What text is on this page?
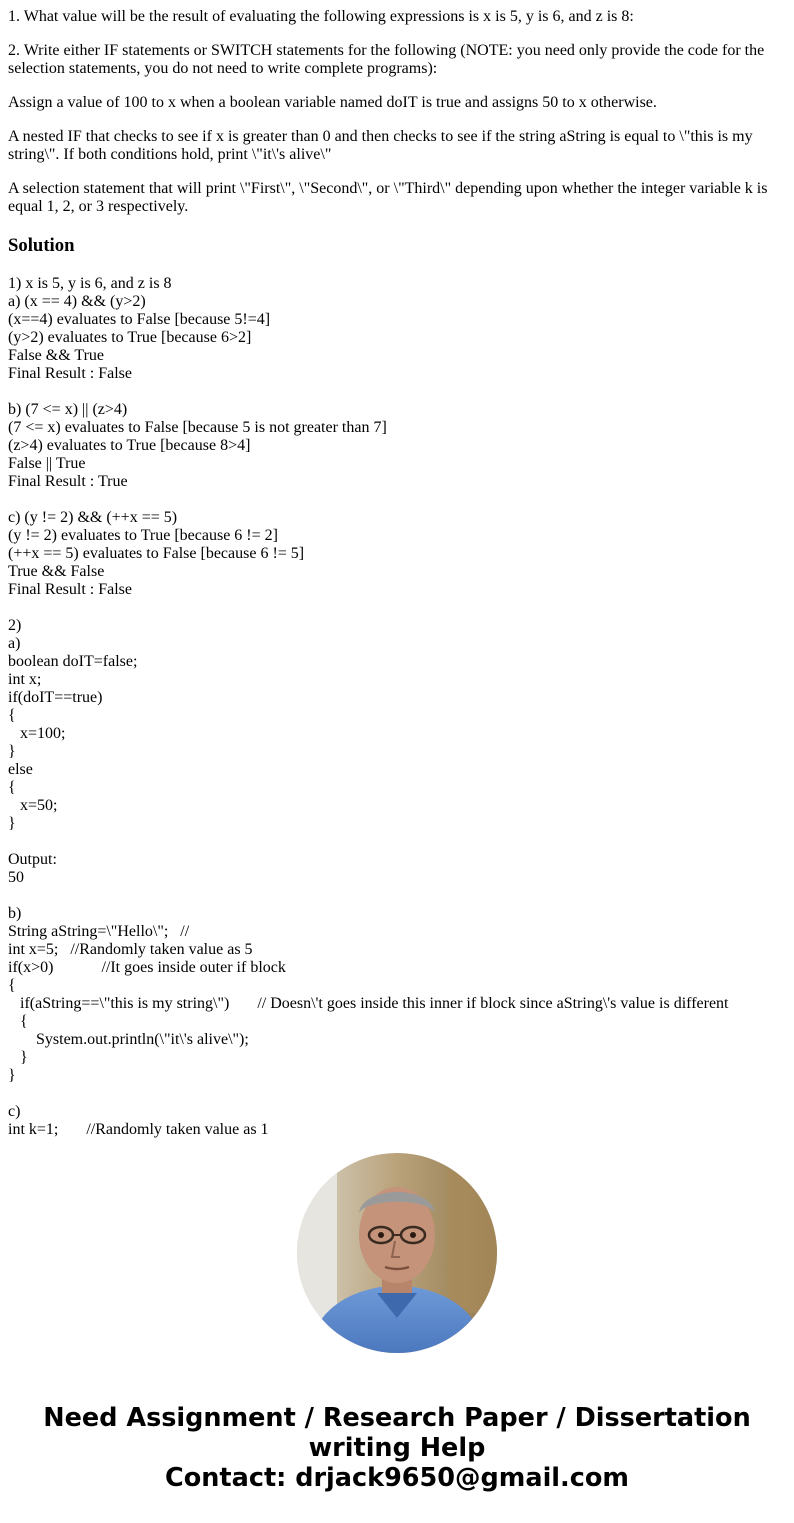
1. What value will be the result of evaluating the following expressions is x is 5, y is 6, and z is 8:

2. Write either IF statements or SWITCH statements for the following (NOTE: you need only provide the code for the selection statements, you do not need to write complete programs):

Assign a value of 100 to x when a boolean variable named doIT is true and assigns 50 to x otherwise.

A nested IF that checks to see if x is greater than 0 and then checks to see if the string aString is equal to \"this is my string\". If both conditions hold, print \"it\'s alive\"

A selection statement that will print \"First\", \"Second\", or \"Third\" depending upon whether the integer variable k is equal 1, 2, or 3 respectively.

Solution
1) x is 5, y is 6, and z is 8
a) (x == 4) && (y>2)
(x==4) evaluates to False [because 5!=4]
(y>2) evaluates to True [because 6>2]
False && True
Final Result : False
b) (7 <= x) || (z>4)
(7 <= x) evaluates to False [because 5 is not greater than 7]
(z>4) evaluates to True [because 8>4]
False || True
Final Result : True
c) (y != 2) && (++x == 5)
(y != 2) evaluates to True [because 6 != 2]
(++x == 5) evaluates to False [because 6 != 5]
True && False
Final Result : False
2)
a)
boolean doIT=false;
int x;
if(doIT==true)
{
x=100;
}
else
{
x=50;
}
Output:
50
b)
String aString=\"Hello\";   //
int x=5;   //Randomly taken value as 5
if(x>0)            //It goes inside outer if block
{
if(aString==\"this is my string\")       // Doesn\'t goes inside this inner if block since aString\'s value is different
{
System.out.println(\"it\'s alive\");
}
}
c)
int k=1;       //Randomly taken value as 1
Need Assignment / Research Paper / Dissertation
writing Help
Contact: drjack9650@gmail.com
